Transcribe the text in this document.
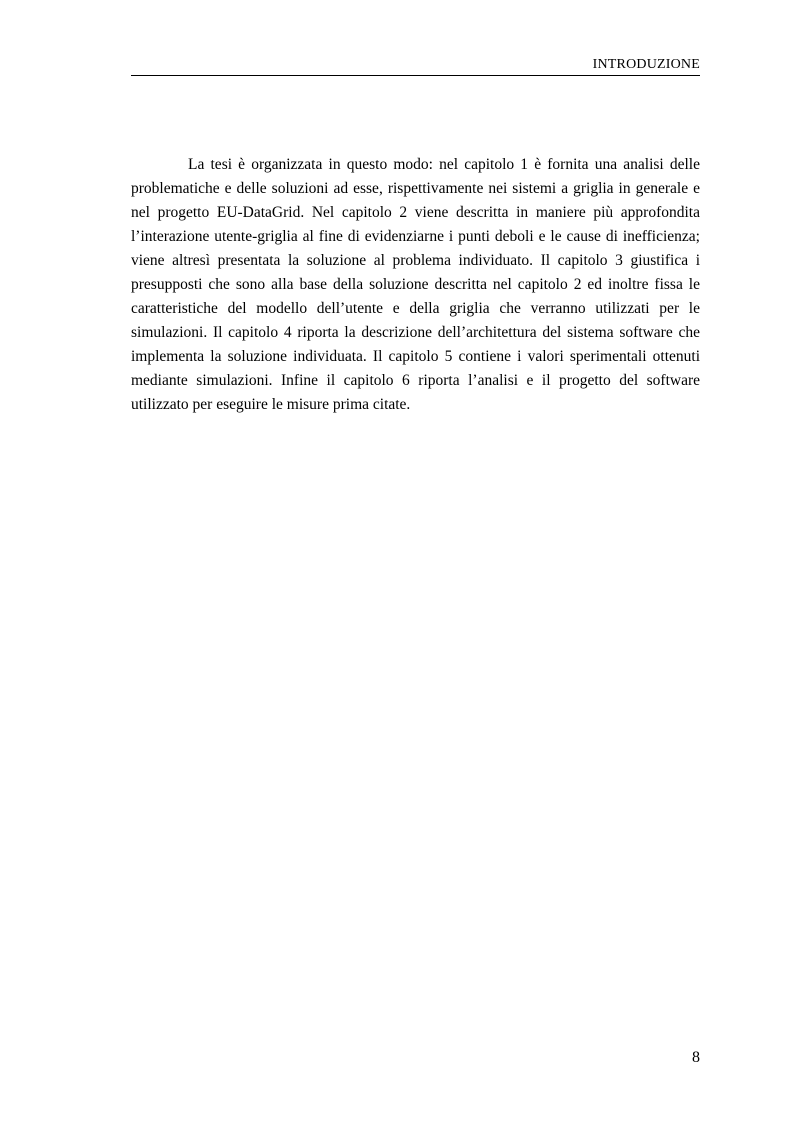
INTRODUZIONE

La tesi è organizzata in questo modo: nel capitolo 1 è fornita una analisi delle problematiche e delle soluzioni ad esse, rispettivamente nei sistemi a griglia in generale e nel progetto EU-DataGrid. Nel capitolo 2 viene descritta in maniere più approfondita l’interazione utente-griglia al fine di evidenziarne i punti deboli e le cause di inefficienza; viene altresì presentata la soluzione al problema individuato. Il capitolo 3 giustifica i presupposti che sono alla base della soluzione descritta nel capitolo 2 ed inoltre fissa le caratteristiche del modello dell’utente e della griglia che verranno utilizzati per le simulazioni. Il capitolo 4 riporta la descrizione dell’architettura del sistema software che implementa la soluzione individuata. Il capitolo 5 contiene i valori sperimentali ottenuti mediante simulazioni. Infine il capitolo 6 riporta l’analisi e il progetto del software utilizzato per eseguire le misure prima citate.

8
